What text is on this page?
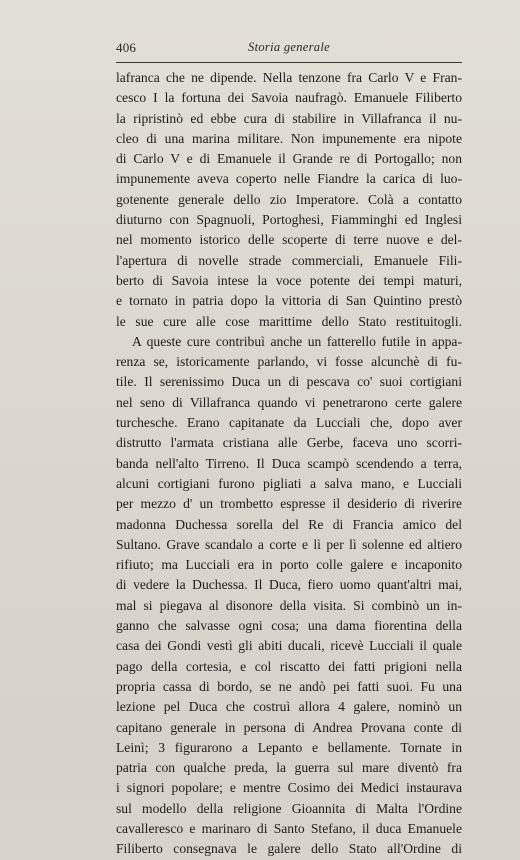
406	Storia generale
lafranca che ne dipende. Nella tenzone fra Carlo V e Fran-
cesco I la fortuna dei Savoia naufragò. Emanuele Filiberto
la ripristinò ed ebbe cura di stabilire in Villafranca il nu-
cleo di una marina militare. Non impunemente era nipote
di Carlo V e di Emanuele il Grande re di Portogallo; non
impunemente aveva coperto nelle Fiandre la carica di luo-
gotenente generale dello zio Imperatore. Colà a contatto
diuturno con Spagnuoli, Portoghesi, Fiamminghi ed Inglesi
nel momento istorico delle scoperte di terre nuove e del-
l'apertura di novelle strade commerciali, Emanuele Fili-
berto di Savoia intese la voce potente dei tempi maturi,
e tornato in patria dopo la vittoria di San Quintino prestò
le sue cure alle cose marittime dello Stato restituitogli.
A queste cure contribuì anche un fatterello futile in appa-
renza se, istoricamente parlando, vi fosse alcunchè di fu-
tile. Il serenissimo Duca un di pescava co' suoi cortigiani
nel seno di Villafranca quando vi penetrarono certe galere
turchesche. Erano capitanate da Lucciali che, dopo aver
distrutto l'armata cristiana alle Gerbe, faceva uno scorri-
banda nell'alto Tirreno. Il Duca scampò scendendo a terra,
alcuni cortigiani furono pigliati a salva mano, e Lucciali
per mezzo d' un trombetto espresse il desiderio di riverire
madonna Duchessa sorella del Re di Francia amico del
Sultano. Grave scandalo a corte e lì per lì solenne ed altiero
rifiuto; ma Lucciali era in porto colle galere e incaponito
di vedere la Duchessa. Il Duca, fiero uomo quant'altri mai,
mal si piegava al disonore della visita. Si combinò un in-
ganno che salvasse ogni cosa; una dama fiorentina della
casa dei Gondi vestì gli abiti ducali, ricevè Lucciali il quale
pago della cortesia, e col riscatto dei fatti prigioni nella
propria cassa di bordo, se ne andò pei fatti suoi. Fu una
lezione pel Duca che costruì allora 4 galere, nominò un
capitano generale in persona di Andrea Provana conte di
Leinì; 3 figurarono a Lepanto e bellamente. Tornate in
patria con qualche preda, la guerra sul mare diventò fra
i signori popolare; e mentre Cosimo dei Medici instaurava
sul modello della religione Gioannita di Malta l'Ordine
cavalleresco e marinaro di Santo Stefano, il duca Emanuele
Filiberto consegnava le galere dello Stato all'Ordine di
